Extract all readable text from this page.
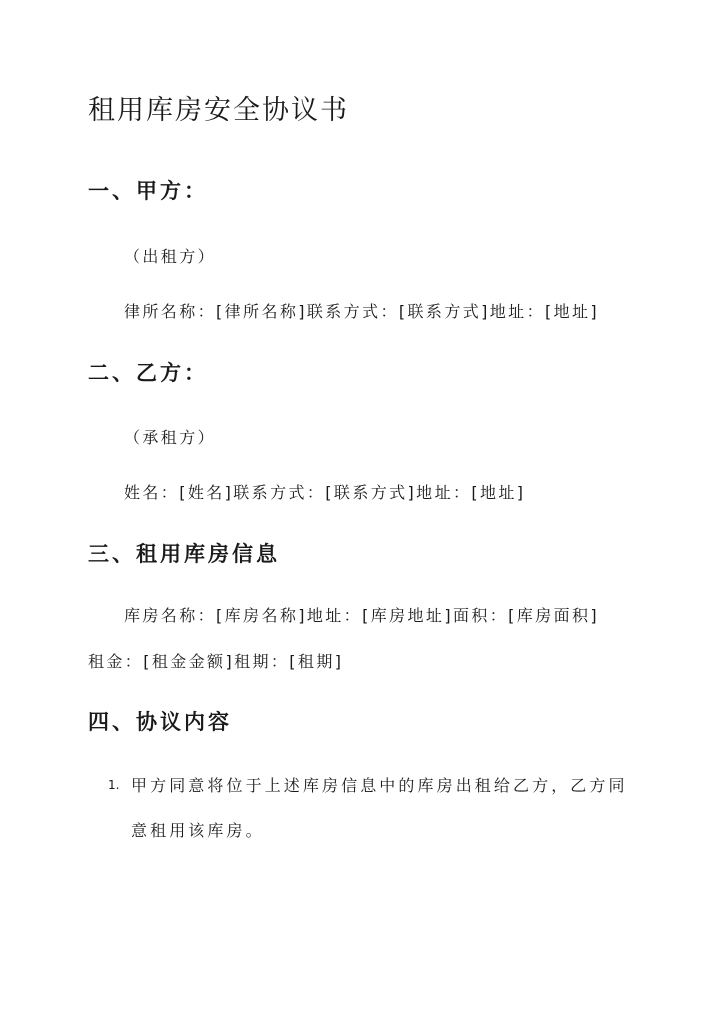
租用库房安全协议书
一、甲方：

（出租方）

律所名称：[律所名称]联系方式：[联系方式]地址：[地址]

二、乙方：

（承租方）

姓名：[姓名]联系方式：[联系方式]地址：[地址]

三、租用库房信息

库房名称：[库房名称]地址：[库房地址]面积：[库房面积]

租金：[租金金额]租期：[租期]

四、协议内容
1. 甲方同意将位于上述库房信息中的库房出租给乙方，乙方同

意租用该库房。
